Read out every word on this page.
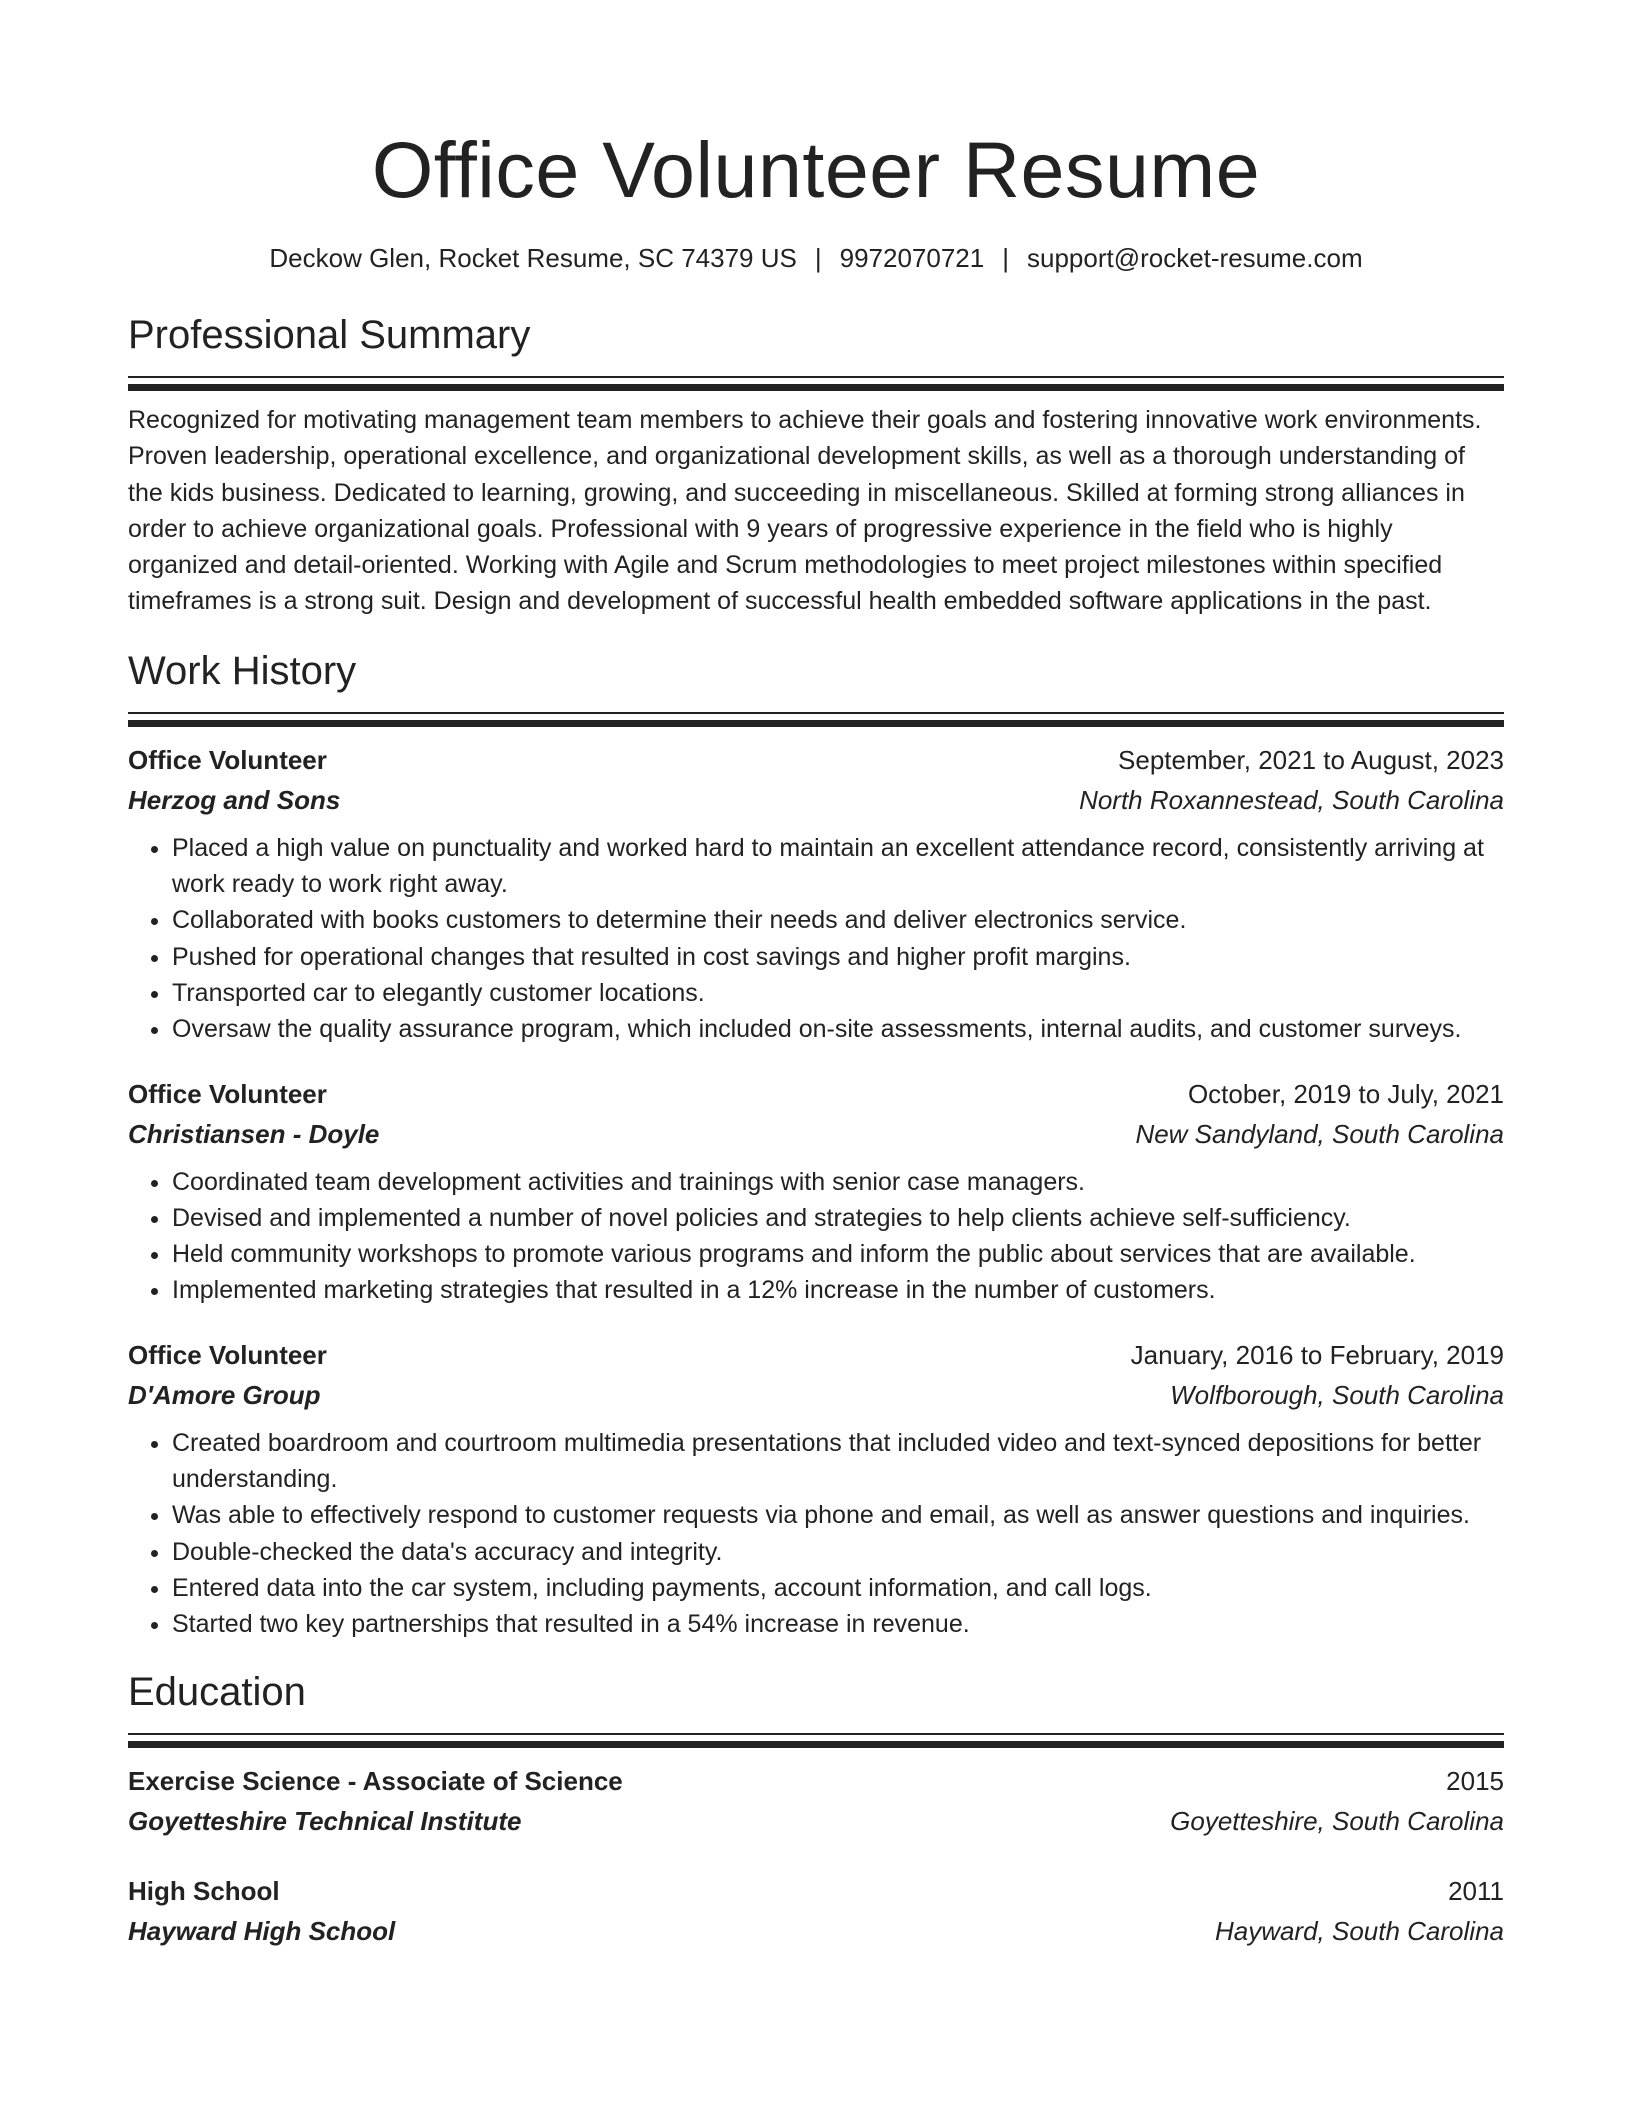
Office Volunteer Resume
Deckow Glen, Rocket Resume, SC 74379 US | 9972070721 | support@rocket-resume.com
Professional Summary

Recognized for motivating management team members to achieve their goals and fostering innovative work environments. Proven leadership, operational excellence, and organizational development skills, as well as a thorough understanding of the kids business. Dedicated to learning, growing, and succeeding in miscellaneous. Skilled at forming strong alliances in order to achieve organizational goals. Professional with 9 years of progressive experience in the field who is highly organized and detail-oriented. Working with Agile and Scrum methodologies to meet project milestones within specified timeframes is a strong suit. Design and development of successful health embedded software applications in the past.

Work History
Office Volunteer	September, 2021 to August, 2023
Herzog and Sons	North Roxannestead, South Carolina
• Placed a high value on punctuality and worked hard to maintain an excellent attendance record, consistently arriving at work ready to work right away.
• Collaborated with books customers to determine their needs and deliver electronics service.
• Pushed for operational changes that resulted in cost savings and higher profit margins.
• Transported car to elegantly customer locations.
• Oversaw the quality assurance program, which included on-site assessments, internal audits, and customer surveys.
Office Volunteer	October, 2019 to July, 2021
Christiansen - Doyle	New Sandyland, South Carolina
• Coordinated team development activities and trainings with senior case managers.
• Devised and implemented a number of novel policies and strategies to help clients achieve self-sufficiency.
• Held community workshops to promote various programs and inform the public about services that are available.
• Implemented marketing strategies that resulted in a 12% increase in the number of customers.
Office Volunteer	January, 2016 to February, 2019
D'Amore Group	Wolfborough, South Carolina
• Created boardroom and courtroom multimedia presentations that included video and text-synced depositions for better understanding.
• Was able to effectively respond to customer requests via phone and email, as well as answer questions and inquiries.
• Double-checked the data's accuracy and integrity.
• Entered data into the car system, including payments, account information, and call logs.
• Started two key partnerships that resulted in a 54% increase in revenue.
Education
Exercise Science - Associate of Science	2015
Goyetteshire Technical Institute	Goyetteshire, South Carolina
High School	2011
Hayward High School	Hayward, South Carolina
